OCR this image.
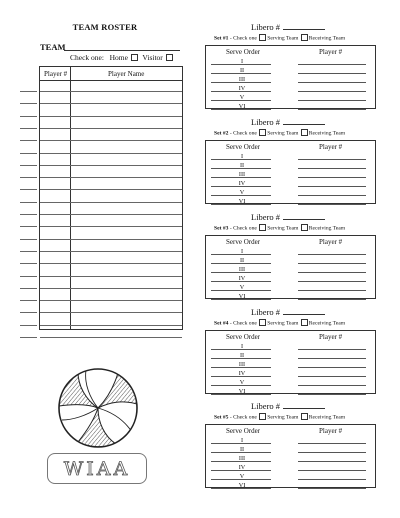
TEAM ROSTER
TEAM
Check one: Home Visitor
Player #	Player Name
Libero #
Set #1 - Check one Serving Team Receiving Team
Serve Order	Player #
I
II
III
IV
V
VI
Libero #
Set #2 - Check one Serving Team Receiving Team
Serve Order	Player #
I
II
III
IV
V
VI
Libero #
Set #3 - Check one Serving Team Receiving Team
Serve Order	Player #
I
II
III
IV
V
VI
Libero #
Set #4 - Check one Serving Team Receiving Team
Serve Order	Player #
I
II
III
IV
V
VI
Libero #
Set #5 - Check one Serving Team Receiving Team
Serve Order	Player #
I
II
III
IV
V
VI
WIAA
